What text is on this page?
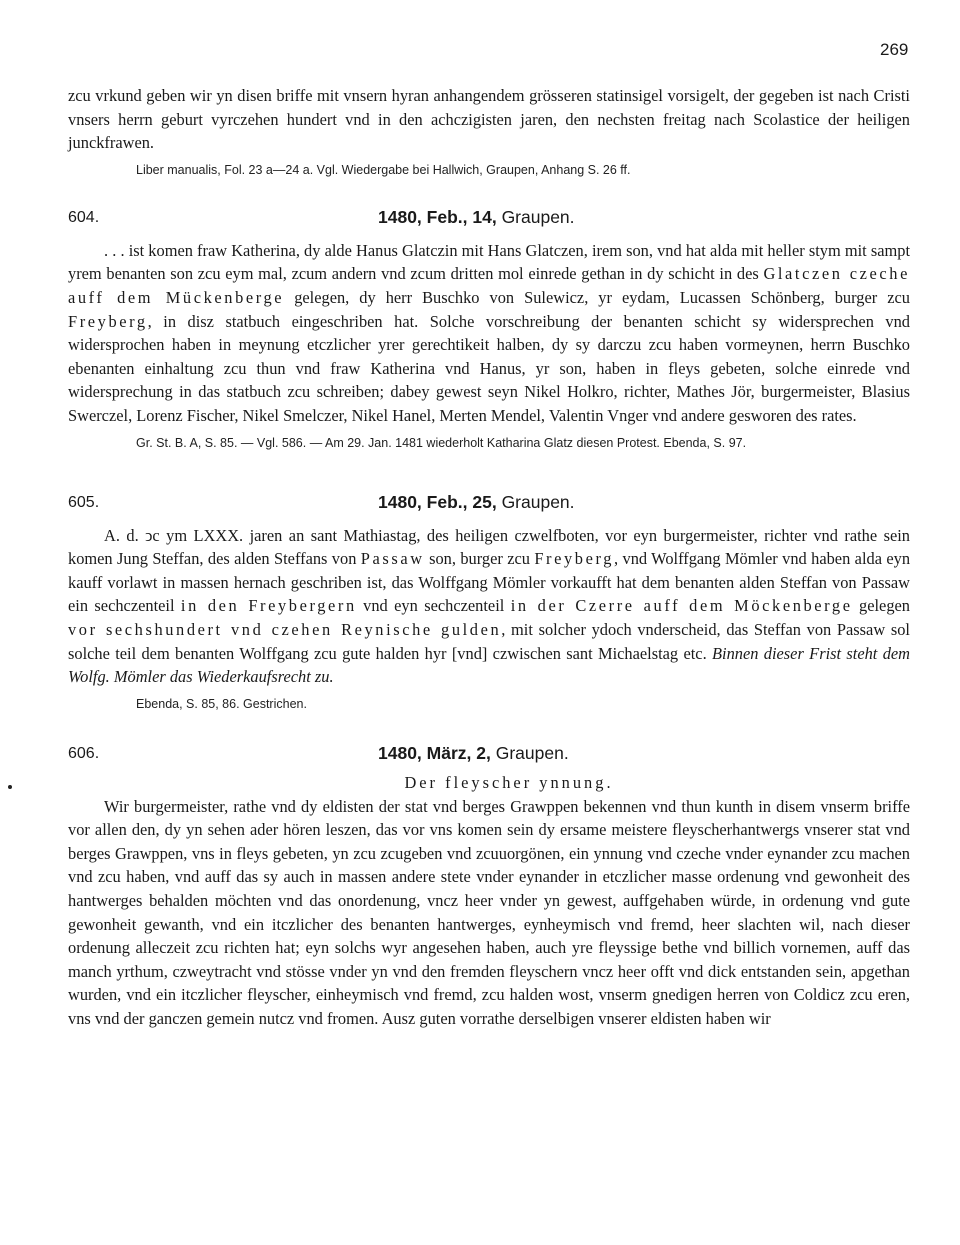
269

zcu vrkund geben wir yn disen briffe mit vnsern hyran anhangendem grösseren statinsigel vorsigelt, der gegeben ist nach Cristi vnsers herrn geburt vyrczehen hundert vnd in den achczigisten jaren, den nechsten freitag nach Scolastice der heiligen junckfrawen.

Liber manualis, Fol. 23 a—24 a. Vgl. Wiedergabe bei Hallwich, Graupen, Anhang S. 26 ff.

604.	1480, Feb., 14, Graupen.

. . . ist komen fraw Katherina, dy alde Hanus Glatczin mit Hans Glatczen, irem son, vnd hat alda mit heller stym mit sampt yrem benanten son zcu eym mal, zcum andern vnd zcum dritten mol einrede gethan in dy schicht in des Glatczen czeche auff dem Mückenberge gelegen, dy herr Buschko von Sulewicz, yr eydam, Lucassen Schönberg, burger zcu Freyberg, in disz statbuch eingeschriben hat. Solche vorschreibung der benanten schicht sy widersprechen vnd widersprochen haben in meynung etczlicher yrer gerechtikeit halben, dy sy darczu zcu haben vormeynen, herrn Buschko ebenanten einhaltung zcu thun vnd fraw Katherina vnd Hanus, yr son, haben in fleys gebeten, solche einrede vnd widersprechung in das statbuch zcu schreiben; dabey gewest seyn Nikel Holkro, richter, Mathes Jör, burgermeister, Blasius Swerczel, Lorenz Fischer, Nikel Smelczer, Nikel Hanel, Merten Mendel, Valentin Vnger vnd andere gesworen des rates.

Gr. St. B. A, S. 85. — Vgl. 586. — Am 29. Jan. 1481 wiederholt Katharina Glatz diesen Protest. Ebenda, S. 97.

605.	1480, Feb., 25, Graupen.

A. d. ↄc ym LXXX. jaren an sant Mathiastag, des heiligen czwelfboten, vor eyn burgermeister, richter vnd rathe sein komen Jung Steffan, des alden Steffans von Passaw son, burger zcu Freyberg, vnd Wolffgang Mömler vnd haben alda eyn kauff vorlawt in massen hernach geschriben ist, das Wolffgang Mömler vorkaufft hat dem benanten alden Steffan von Passaw ein sechczenteil in den Freybergern vnd eyn sechczenteil in der Czerre auff dem Möckenberge gelegen vor sechshundert vnd czehen Reynische gulden, mit solcher ydoch vnderscheid, das Steffan von Passaw sol solche teil dem benanten Wolffgang zcu gute halden hyr [vnd] czwischen sant Michaelstag etc. Binnen dieser Frist steht dem Wolfg. Mömler das Wiederkaufsrecht zu.

Ebenda, S. 85, 86. Gestrichen.

606.	1480, März, 2, Graupen.
Der fleyscher ynnung.

Wir burgermeister, rathe vnd dy eldisten der stat vnd berges Grawppen bekennen vnd thun kunth in disem vnserm briffe vor allen den, dy yn sehen ader hören leszen, das vor vns komen sein dy ersame meistere fleyscherhantwergs vnserer stat vnd berges Grawppen, vns in fleys gebeten, yn zcu zcugeben vnd zcuuorgönen, ein ynnung vnd czeche vnder eynander zcu machen vnd zcu haben, vnd auff das sy auch in massen andere stete vnder eynander in etczlicher masse ordenung vnd gewonheit des hantwerges behalden möchten vnd das onordenung, vncz heer vnder yn gewest, auffgehaben würde, in ordenung vnd gute gewonheit gewanth, vnd ein itczlicher des benanten hantwerges, eynheymisch vnd fremd, heer slachten wil, nach dieser ordenung alleczeit zcu richten hat; eyn solchs wyr angesehen haben, auch yre fleyssige bethe vnd billich vornemen, auff das manch yrthum, czweytracht vnd stösse vnder yn vnd den fremden fleyschern vncz heer offt vnd dick entstanden sein, apgethan wurden, vnd ein itczlicher fleyscher, einheymisch vnd fremd, zcu halden wost, vnserm gnedigen herren von Coldicz zcu eren, vns vnd der ganczen gemein nutcz vnd fromen. Ausz guten vorrathe derselbigen vnserer eldisten haben wir
